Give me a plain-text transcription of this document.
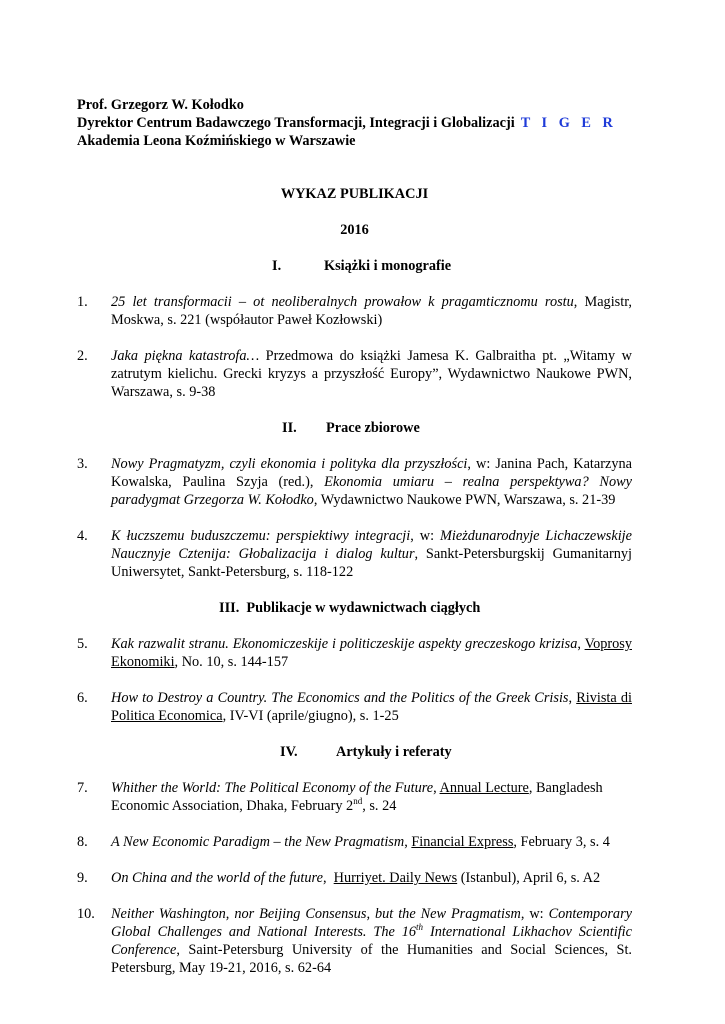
Prof. Grzegorz W. Kołodko

Dyrektor Centrum Badawczego Transformacji, Integracji i Globalizacji T I G E R

Akademia Leona Koźmińskiego w Warszawie

WYKAZ PUBLIKACJI

2016

I.	Książki i monografie

1.	25 let transformacii – ot neoliberalnych prowałow k pragamticznomu rostu, Magistr, Moskwa, s. 221 (współautor Paweł Kozłowski)
2.	Jaka piękna katastrofa… Przedmowa do książki Jamesa K. Galbraitha pt. „Witamy w zatrutym kielichu. Grecki kryzys a przyszłość Europy”, Wydawnictwo Naukowe PWN, Warszawa, s. 9-38

II. Prace zbiorowe

3.	Nowy Pragmatyzm, czyli ekonomia i polityka dla przyszłości, w: Janina Pach, Katarzyna Kowalska, Paulina Szyja (red.), Ekonomia umiaru – realna perspektywa? Nowy paradygmat Grzegorza W. Kołodko, Wydawnictwo Naukowe PWN, Warszawa, s. 21-39
4.	K łuczszemu buduszczemu: perspiektiwy integracji, w: Mieżdunarodnyje Lichaczewskije Naucznyje Cztenija: Głobalizacija i dialog kultur, Sankt-Petersburgskij Gumanitarnyj Uniwersytet, Sankt-Petersburg, s. 118-122

III. Publikacje w wydawnictwach ciągłych

5.	Kak razwalit stranu. Ekonomiczeskije i politiczeskije aspekty greczeskogo krizisa, Voprosy Ekonomiki, No. 10, s. 144-157
6.	How to Destroy a Country. The Economics and the Politics of the Greek Crisis, Rivista di Politica Economica, IV-VI (aprile/giugno), s. 1-25

IV.	Artykuły i referaty

7.	Whither the World: The Political Economy of the Future, Annual Lecture, Bangladesh Economic Association, Dhaka, February 2nd, s. 24
8.	A New Economic Paradigm – the New Pragmatism, Financial Express, February 3, s. 4
9.	On China and the world of the future,  Hurriyet. Daily News (Istanbul), April 6, s. A2
10.	Neither Washington, nor Beijing Consensus, but the New Pragmatism, w: Contemporary Global Challenges and National Interests. The 16th International Likhachov Scientific Conference, Saint-Petersburg University of the Humanities and Social Sciences, St. Petersburg, May 19-21, 2016, s. 62-64
